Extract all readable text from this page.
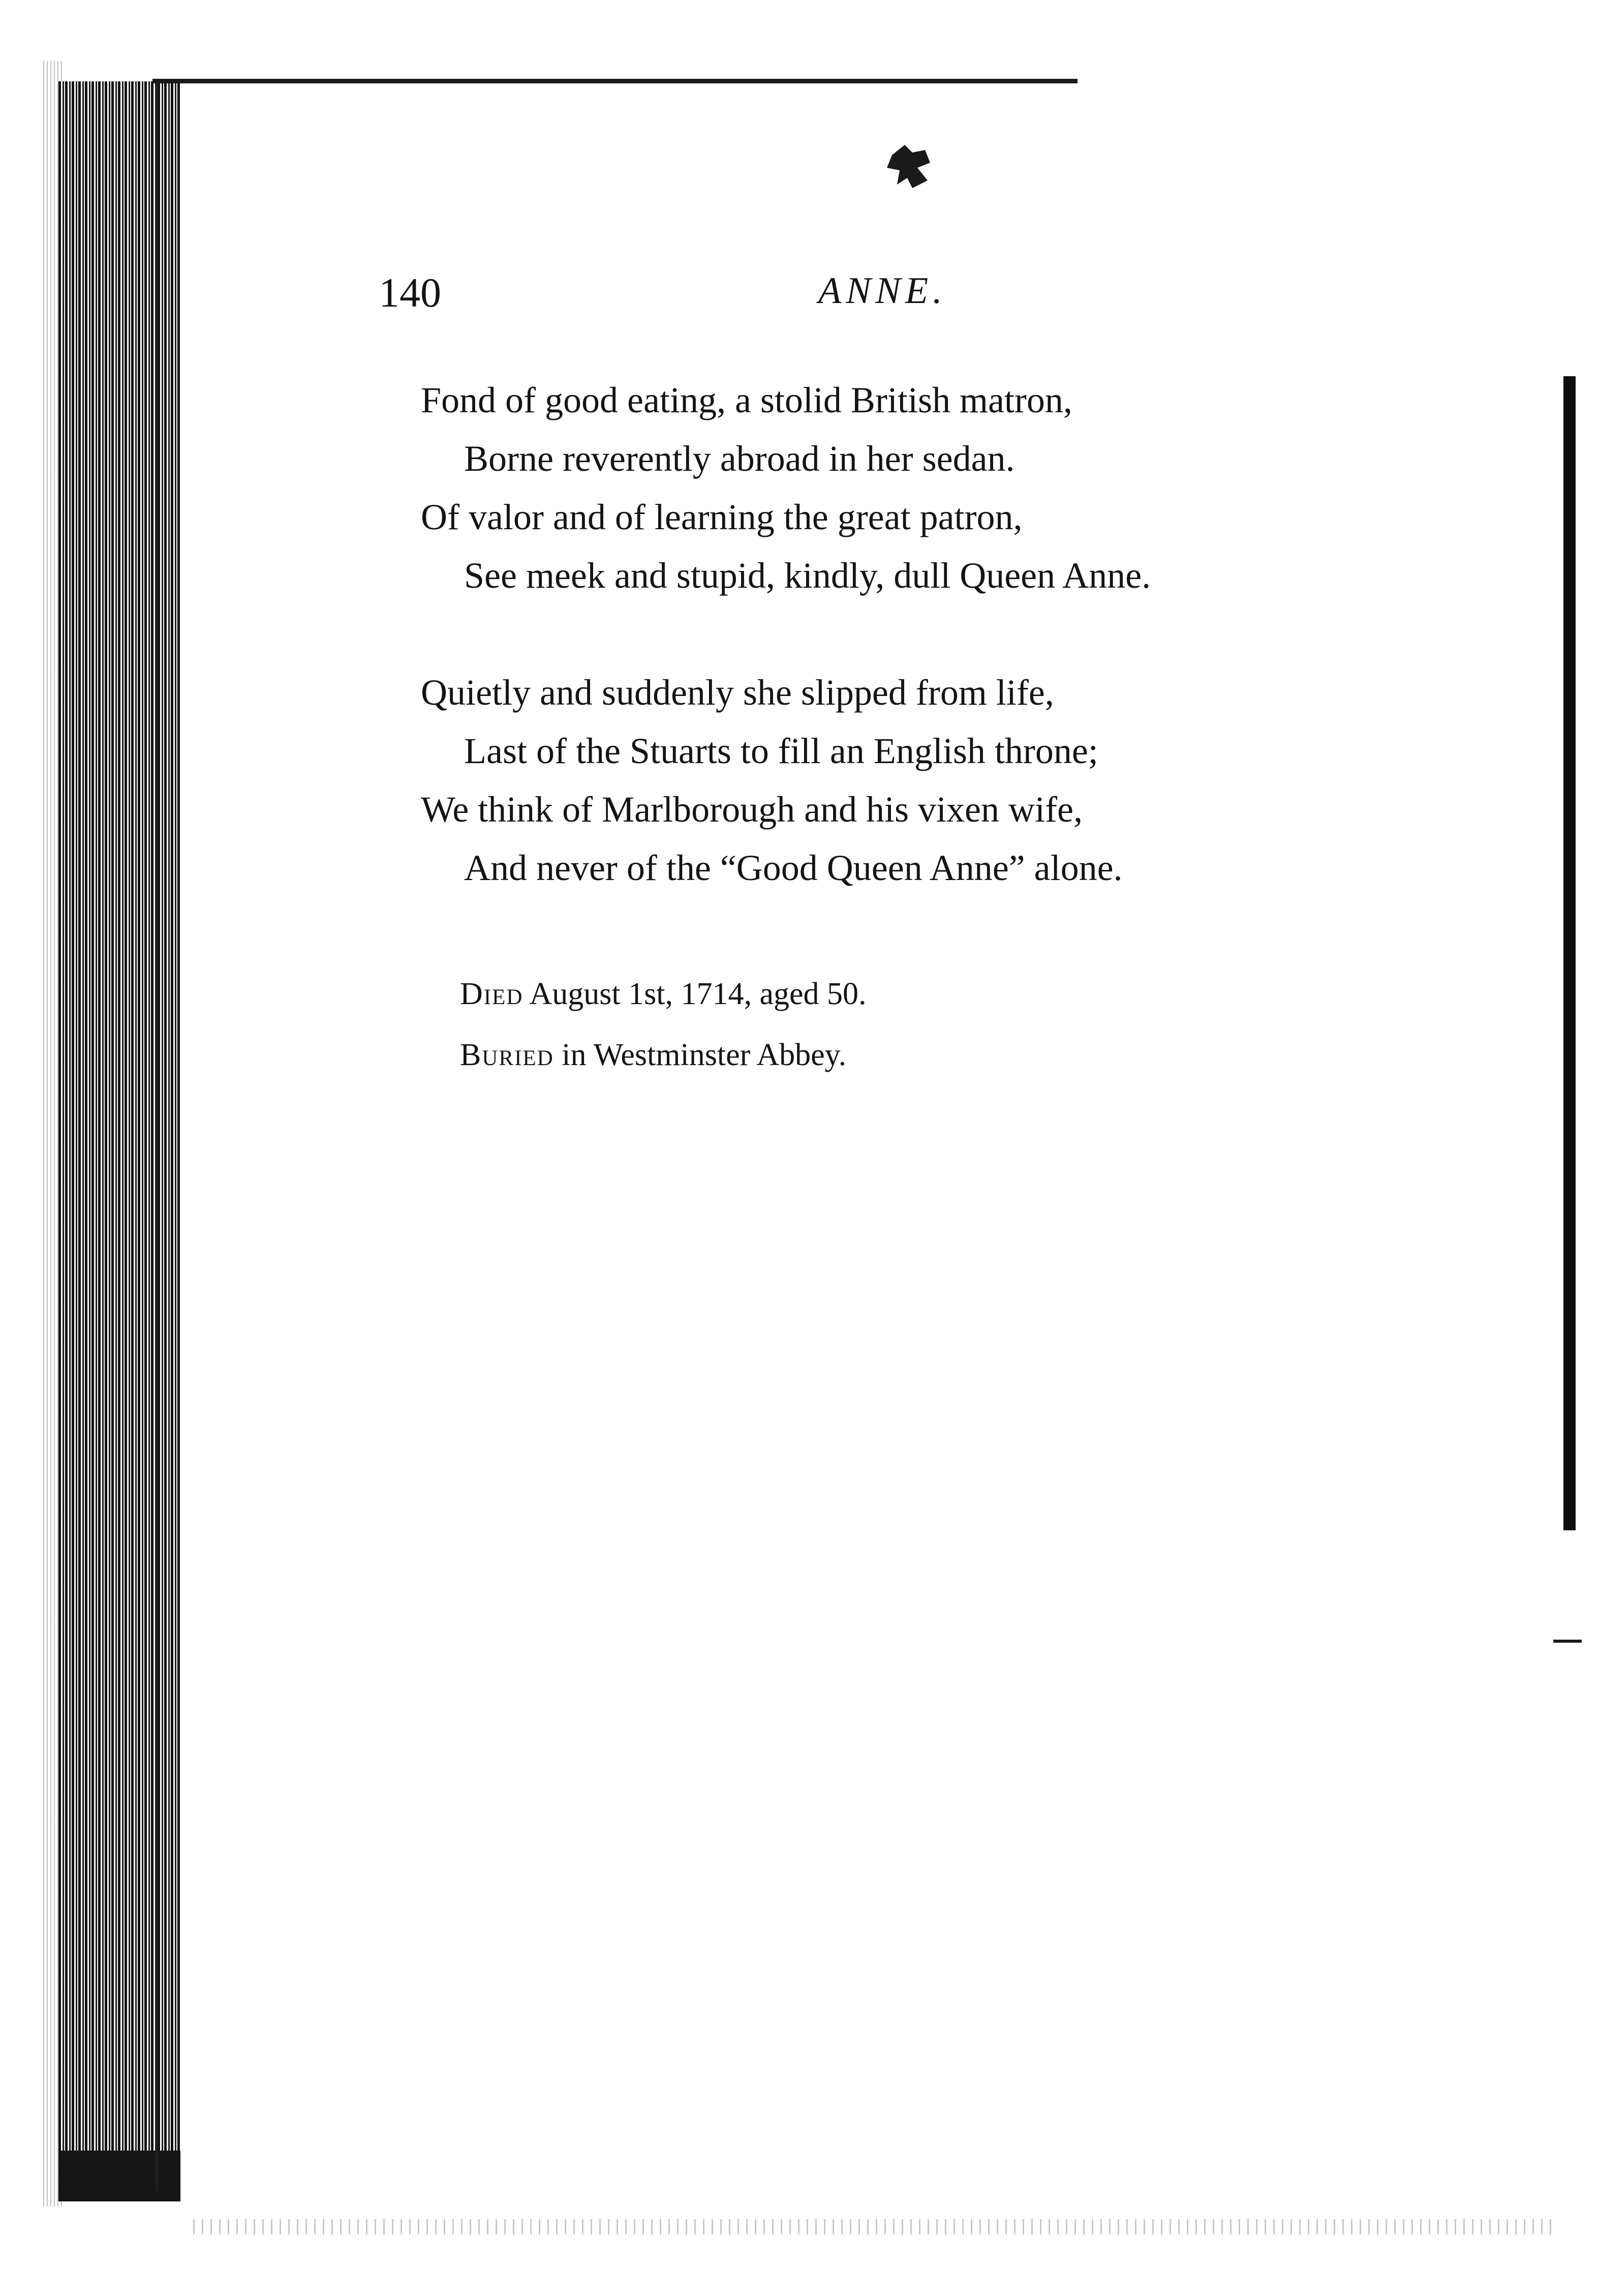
140	ANNE.
Fond of good eating, a stolid British matron,
Borne reverently abroad in her sedan.
Of valor and of learning the great patron,
See meek and stupid, kindly, dull Queen Anne.
Quietly and suddenly she slipped from life,
Last of the Stuarts to fill an English throne;
We think of Marlborough and his vixen wife,
And never of the “Good Queen Anne” alone.
Died August 1st, 1714, aged 50.
Buried in Westminster Abbey.
